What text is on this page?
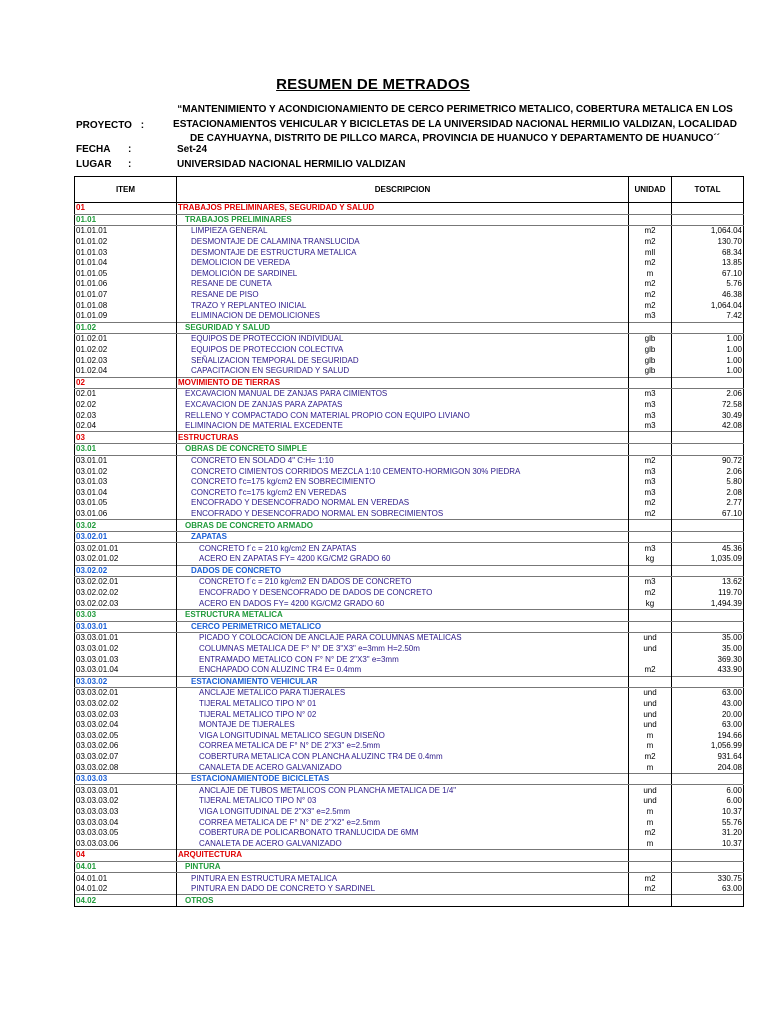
RESUMEN DE METRADOS
PROYECTO :
“MANTENIMIENTO Y ACONDICIONAMIENTO DE CERCO PERIMETRICO METALICO, COBERTURA METALICA EN LOS ESTACIONAMIENTOS VEHICULAR Y BICICLETAS DE LA UNIVERSIDAD NACIONAL HERMILIO VALDIZAN, LOCALIDAD DE CAYHUAYNA, DISTRITO DE PILLCO MARCA, PROVINCIA DE HUANUCO Y DEPARTAMENTO DE HUANUCO´´
FECHA :	Set-24
LUGAR :	UNIVERSIDAD NACIONAL HERMILIO VALDIZAN
ITEM	DESCRIPCION	UNIDAD	TOTAL
01	TRABAJOS PRELIMINARES, SEGURIDAD Y SALUD		
01.01	TRABAJOS PRELIMINARES		
01.01.01	LIMPIEZA GENERAL	m2	1,064.04
01.01.02	DESMONTAJE DE CALAMINA TRANSLUCIDA	m2	130.70
01.01.03	DESMONTAJE DE ESTRUCTURA METALICA	mll	68.34
01.01.04	DEMOLICION DE VEREDA	m2	13.85
01.01.05	DEMOLICIÓN DE SARDINEL	m	67.10
01.01.06	RESANE DE CUNETA	m2	5.76
01.01.07	RESANE DE PISO	m2	46.38
01.01.08	TRAZO Y REPLANTEO INICIAL	m2	1,064.04
01.01.09	ELIMINACION DE DEMOLICIONES	m3	7.42
01.02	SEGURIDAD Y SALUD		
01.02.01	EQUIPOS DE PROTECCION INDIVIDUAL	glb	1.00
01.02.02	EQUIPOS DE PROTECCION COLECTIVA	glb	1.00
01.02.03	SEÑALIZACION TEMPORAL DE SEGURIDAD	glb	1.00
01.02.04	CAPACITACION EN SEGURIDAD Y SALUD	glb	1.00
02	MOVIMIENTO DE TIERRAS		
02.01	EXCAVACION MANUAL DE ZANJAS PARA CIMIENTOS	m3	2.06
02.02	EXCAVACION DE ZANJAS PARA ZAPATAS	m3	72.58
02.03	RELLENO Y COMPACTADO CON MATERIAL PROPIO CON EQUIPO LIVIANO	m3	30.49
02.04	ELIMINACION DE MATERIAL EXCEDENTE	m3	42.08
03	ESTRUCTURAS		
03.01	OBRAS DE CONCRETO SIMPLE		
03.01.01	CONCRETO EN SOLADO 4" C:H= 1:10	m2	90.72
03.01.02	CONCRETO CIMIENTOS CORRIDOS MEZCLA 1:10 CEMENTO-HORMIGON 30% PIEDRA	m3	2.06
03.01.03	CONCRETO f'c=175 kg/cm2 EN SOBRECIMIENTO	m3	5.80
03.01.04	CONCRETO f'c=175 kg/cm2 EN VEREDAS	m3	2.08
03.01.05	ENCOFRADO Y DESENCOFRADO NORMAL EN VEREDAS	m2	2.77
03.01.06	ENCOFRADO Y DESENCOFRADO NORMAL EN SOBRECIMIENTOS	m2	67.10
03.02	OBRAS DE CONCRETO ARMADO		
03.02.01	ZAPATAS		
03.02.01.01	CONCRETO f´c = 210 kg/cm2 EN ZAPATAS	m3	45.36
03.02.01.02	ACERO EN ZAPATAS FY= 4200 KG/CM2 GRADO 60	kg	1,035.09
03.02.02	DADOS DE CONCRETO		
03.02.02.01	CONCRETO f´c = 210 kg/cm2 EN DADOS DE CONCRETO	m3	13.62
03.02.02.02	ENCOFRADO Y DESENCOFRADO DE DADOS DE CONCRETO	m2	119.70
03.02.02.03	ACERO EN DADOS FY= 4200 KG/CM2 GRADO 60	kg	1,494.39
03.03	ESTRUCTURA METALICA		
03.03.01	CERCO PERIMETRICO METALICO		
03.03.01.01	PICADO Y COLOCACION DE ANCLAJE PARA COLUMNAS METALICAS	und	35.00
03.03.01.02	COLUMNAS METALICA DE F° N° DE 3"X3" e=3mm H=2.50m	und	35.00
03.03.01.03	ENTRAMADO METALICO CON F° N° DE 2"X3" e=3mm		369.30
03.03.01.04	ENCHAPADO CON ALUZINC TR4 E= 0.4mm	m2	433.90
03.03.02	ESTACIONAMIENTO VEHICULAR		
03.03.02.01	ANCLAJE METALICO PARA TIJERALES	und	63.00
03.03.02.02	TIJERAL METALICO TIPO N° 01	und	43.00
03.03.02.03	TIJERAL METALICO TIPO N° 02	und	20.00
03.03.02.04	MONTAJE DE TIJERALES	und	63.00
03.03.02.05	VIGA LONGITUDINAL METALICO SEGUN DISEÑO	m	194.66
03.03.02.06	CORREA METALICA DE F° N° DE 2"X3" e=2.5mm	m	1,056.99
03.03.02.07	COBERTURA METALICA CON PLANCHA ALUZINC TR4 DE 0.4mm	m2	931.64
03.03.02.08	CANALETA DE ACERO GALVANIZADO	m	204.08
03.03.03	ESTACIONAMIENTODE BICICLETAS		
03.03.03.01	ANCLAJE DE TUBOS METALICOS CON PLANCHA METALICA DE 1/4"	und	6.00
03.03.03.02	TIJERAL METALICO TIPO N° 03	und	6.00
03.03.03.03	VIGA LONGITUDINAL DE 2"X3" e=2.5mm	m	10.37
03.03.03.04	CORREA METALICA DE F° N° DE 2"X2" e=2.5mm	m	55.76
03.03.03.05	COBERTURA DE POLICARBONATO TRANLUCIDA DE 6MM	m2	31.20
03.03.03.06	CANALETA DE ACERO GALVANIZADO	m	10.37
04	ARQUITECTURA		
04.01	PINTURA		
04.01.01	PINTURA EN ESTRUCTURA METALICA	m2	330.75
04.01.02	PINTURA EN DADO DE CONCRETO Y SARDINEL	m2	63.00
04.02	OTROS		
